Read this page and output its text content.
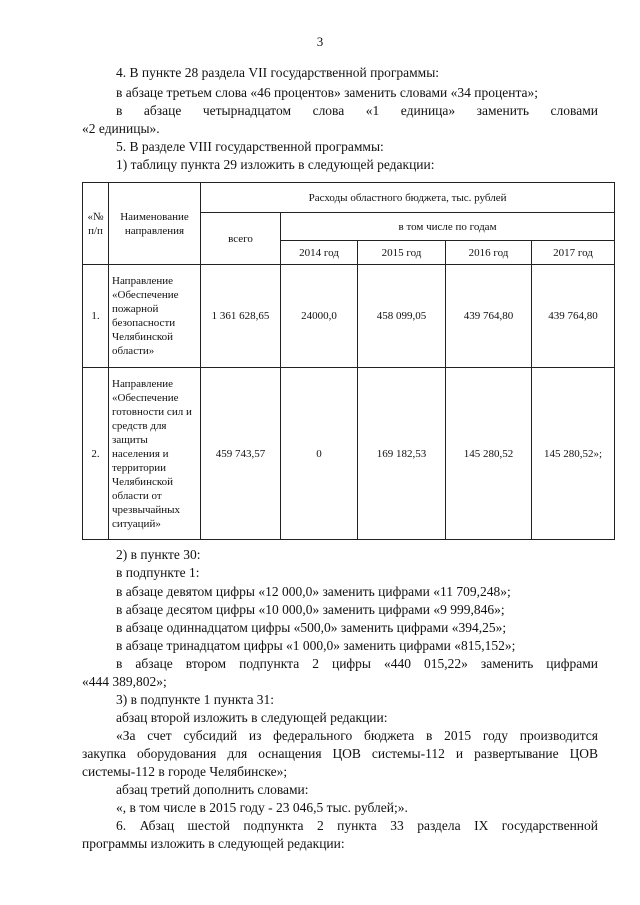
3
4. В пункте 28 раздела VII государственной программы:
в абзаце третьем слова «46 процентов» заменить словами «34 процента»;
в абзаце четырнадцатом слова «1 единица» заменить словами
«2 единицы».
5. В разделе VIII государственной программы:
1) таблицу пункта 29 изложить в следующей редакции:
«№ п/п	Наименование направления	Расходы областного бюджета, тыс. рублей				
		всего	в том числе по годам			
			2014 год	2015 год	2016 год	2017 год
1.	Направление «Обеспечение пожарной безопасности Челябинской области»	1 361 628,65	24000,0	458 099,05	439 764,80	439 764,80
2.	Направление «Обеспечение готовности сил и средств для защиты населения и территории Челябинской области от чрезвычайных ситуаций»	459 743,57	0	169 182,53	145 280,52	145 280,52»;
2) в пункте 30:
в подпункте 1:
в абзаце девятом цифры «12 000,0» заменить цифрами «11 709,248»;
в абзаце десятом цифры «10 000,0» заменить цифрами «9 999,846»;
в абзаце одиннадцатом цифры «500,0» заменить цифрами «394,25»;
в абзаце тринадцатом цифры «1 000,0» заменить цифрами «815,152»;
в абзаце втором подпункта 2 цифры «440 015,22» заменить цифрами
«444 389,802»;
3) в подпункте 1 пункта 31:
абзац второй изложить в следующей редакции:
«За счет субсидий из федерального бюджета в 2015 году производится
закупка оборудования для оснащения ЦОВ системы-112 и развертывание ЦОВ
системы-112 в городе Челябинске»;
абзац третий дополнить словами:
«, в том числе в 2015 году - 23 046,5 тыс. рублей;».
6. Абзац шестой подпункта 2 пункта 33 раздела IX государственной
программы изложить в следующей редакции:
